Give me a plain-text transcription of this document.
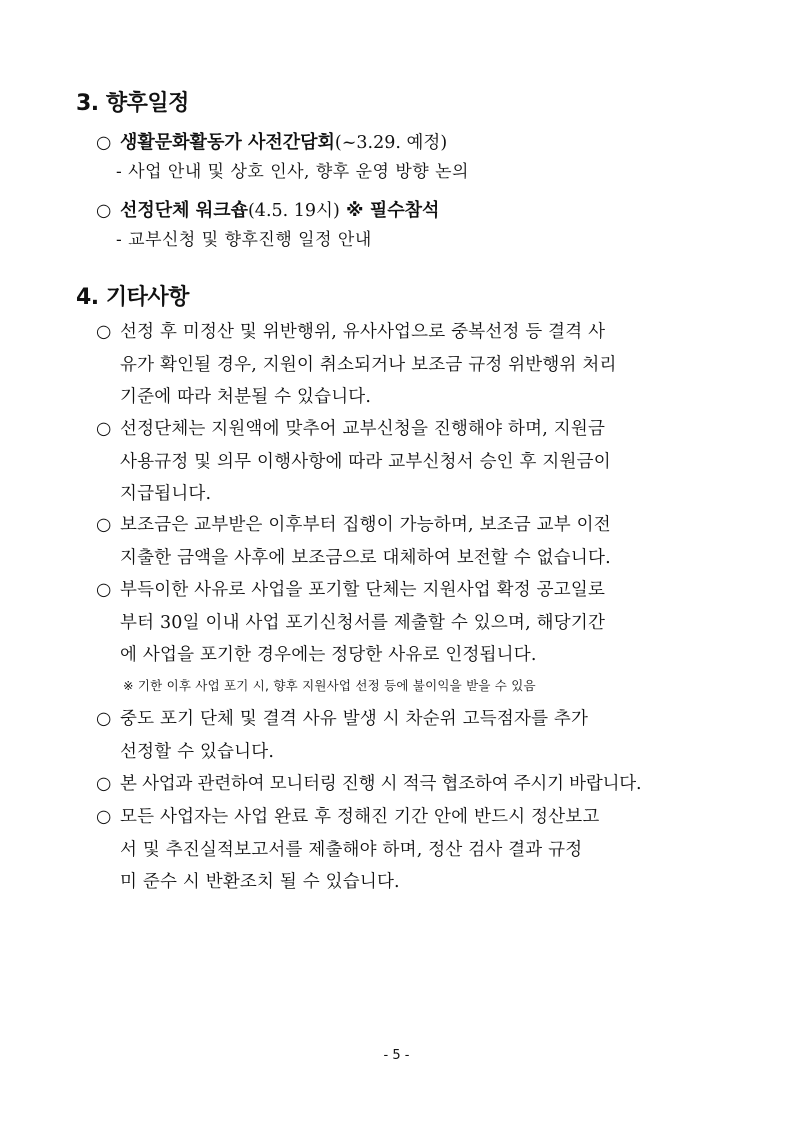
3. 향후일정

○ 생활문화활동가 사전간담회(~3.29. 예정)

- 사업 안내 및 상호 인사, 향후 운영 방향 논의

○ 선정단체 워크숍(4.5. 19시) ※ 필수참석

- 교부신청 및 향후진행 일정 안내

4. 기타사항
○ 선정 후 미정산 및 위반행위, 유사사업으로 중복선정 등 결격 사
유가 확인될 경우, 지원이 취소되거나 보조금 규정 위반행위 처리
기준에 따라 처분될 수 있습니다.
○ 선정단체는 지원액에 맞추어 교부신청을 진행해야 하며, 지원금
사용규정 및 의무 이행사항에 따라 교부신청서 승인 후 지원금이
지급됩니다.
○ 보조금은 교부받은 이후부터 집행이 가능하며, 보조금 교부 이전
지출한 금액을 사후에 보조금으로 대체하여 보전할 수 없습니다.
○ 부득이한 사유로 사업을 포기할 단체는 지원사업 확정 공고일로
부터 30일 이내 사업 포기신청서를 제출할 수 있으며, 해당기간
에 사업을 포기한 경우에는 정당한 사유로 인정됩니다.

※ 기한 이후 사업 포기 시, 향후 지원사업 선정 등에 불이익을 받을 수 있음

○ 중도 포기 단체 및 결격 사유 발생 시 차순위 고득점자를 추가
선정할 수 있습니다.
○ 본 사업과 관련하여 모니터링 진행 시 적극 협조하여 주시기 바랍니다.
○ 모든 사업자는 사업 완료 후 정해진 기간 안에 반드시 정산보고
서 및 추진실적보고서를 제출해야 하며, 정산 검사 결과 규정
미 준수 시 반환조치 될 수 있습니다.
- 5 -
